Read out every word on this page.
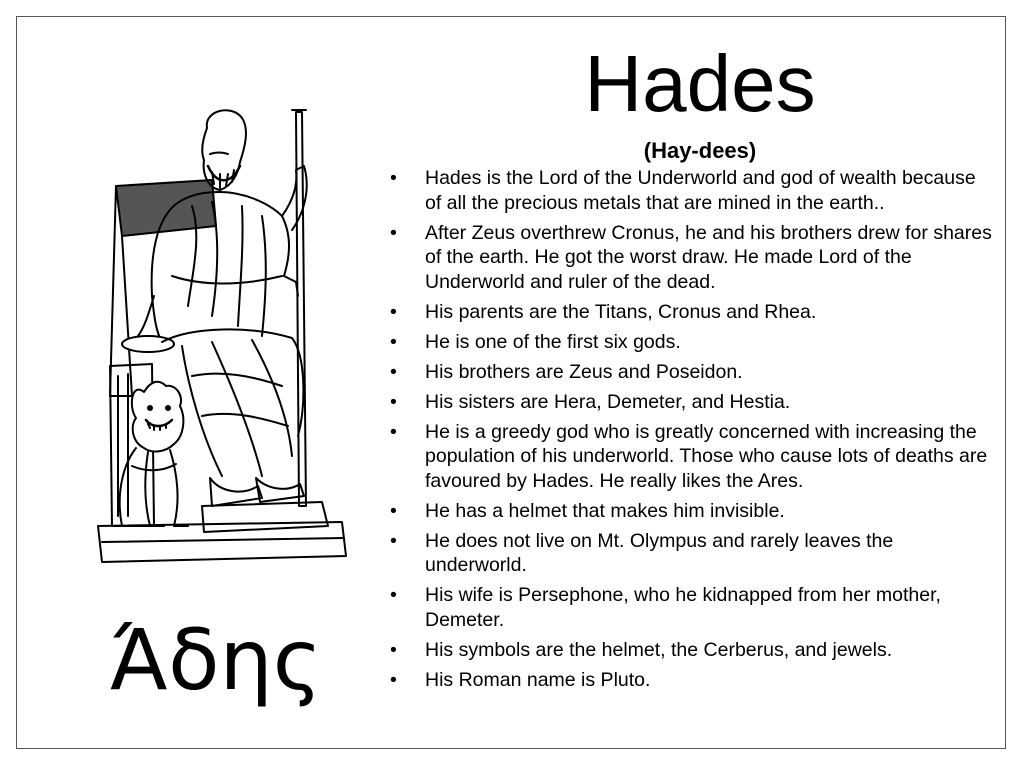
Hades
(Hay-dees)
Άδης
• Hades is the Lord of the Underworld and god of wealth because of all the precious metals that are mined in the earth..
• After Zeus overthrew Cronus, he and his brothers drew for shares of the earth. He got the worst draw. He made Lord of the Underworld and ruler of the dead.
• His parents are the Titans, Cronus and Rhea.
• He is one of the first six gods.
• His brothers are Zeus and Poseidon.
• His sisters are Hera, Demeter, and Hestia.
• He is a greedy god who is greatly concerned with increasing the population of his underworld. Those who cause lots of deaths are favoured by Hades. He really likes the Ares.
• He has a helmet that makes him invisible.
• He does not live on Mt. Olympus and rarely leaves the underworld.
• His wife is Persephone, who he kidnapped from her mother, Demeter.
• His symbols are the helmet, the Cerberus, and jewels.
• His Roman name is Pluto.
